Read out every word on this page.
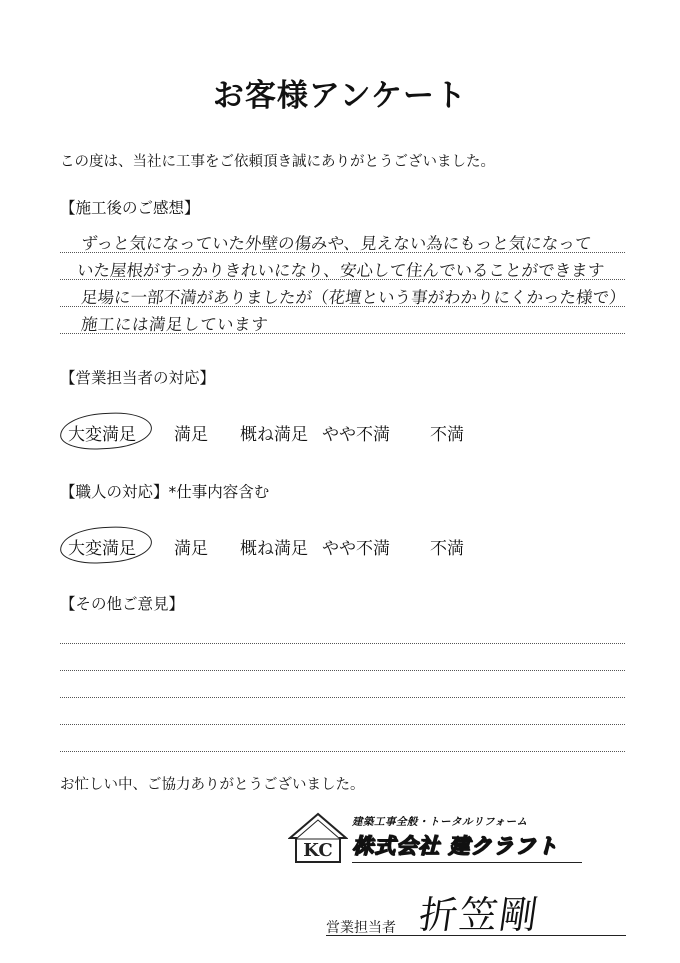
お客様アンケート
この度は、当社に工事をご依頼頂き誠にありがとうございました。
【施工後のご感想】
ずっと気になっていた外壁の傷みや、見えない為にもっと気になって
いた屋根がすっかりきれいになり、安心して住んでいることができます
足場に一部不満がありましたが（花壇という事がわかりにくかった様で）
施工には満足しています
【営業担当者の対応】
大変満足 満足 概ね満足 やや不満 不満
【職人の対応】*仕事内容含む
大変満足 満足 概ね満足 やや不満 不満
【その他ご意見】
お忙しい中、ご協力ありがとうございました。
KC
建築工事全般・トータルリフォーム
株式会社 建クラフト
営業担当者 折笠剛
